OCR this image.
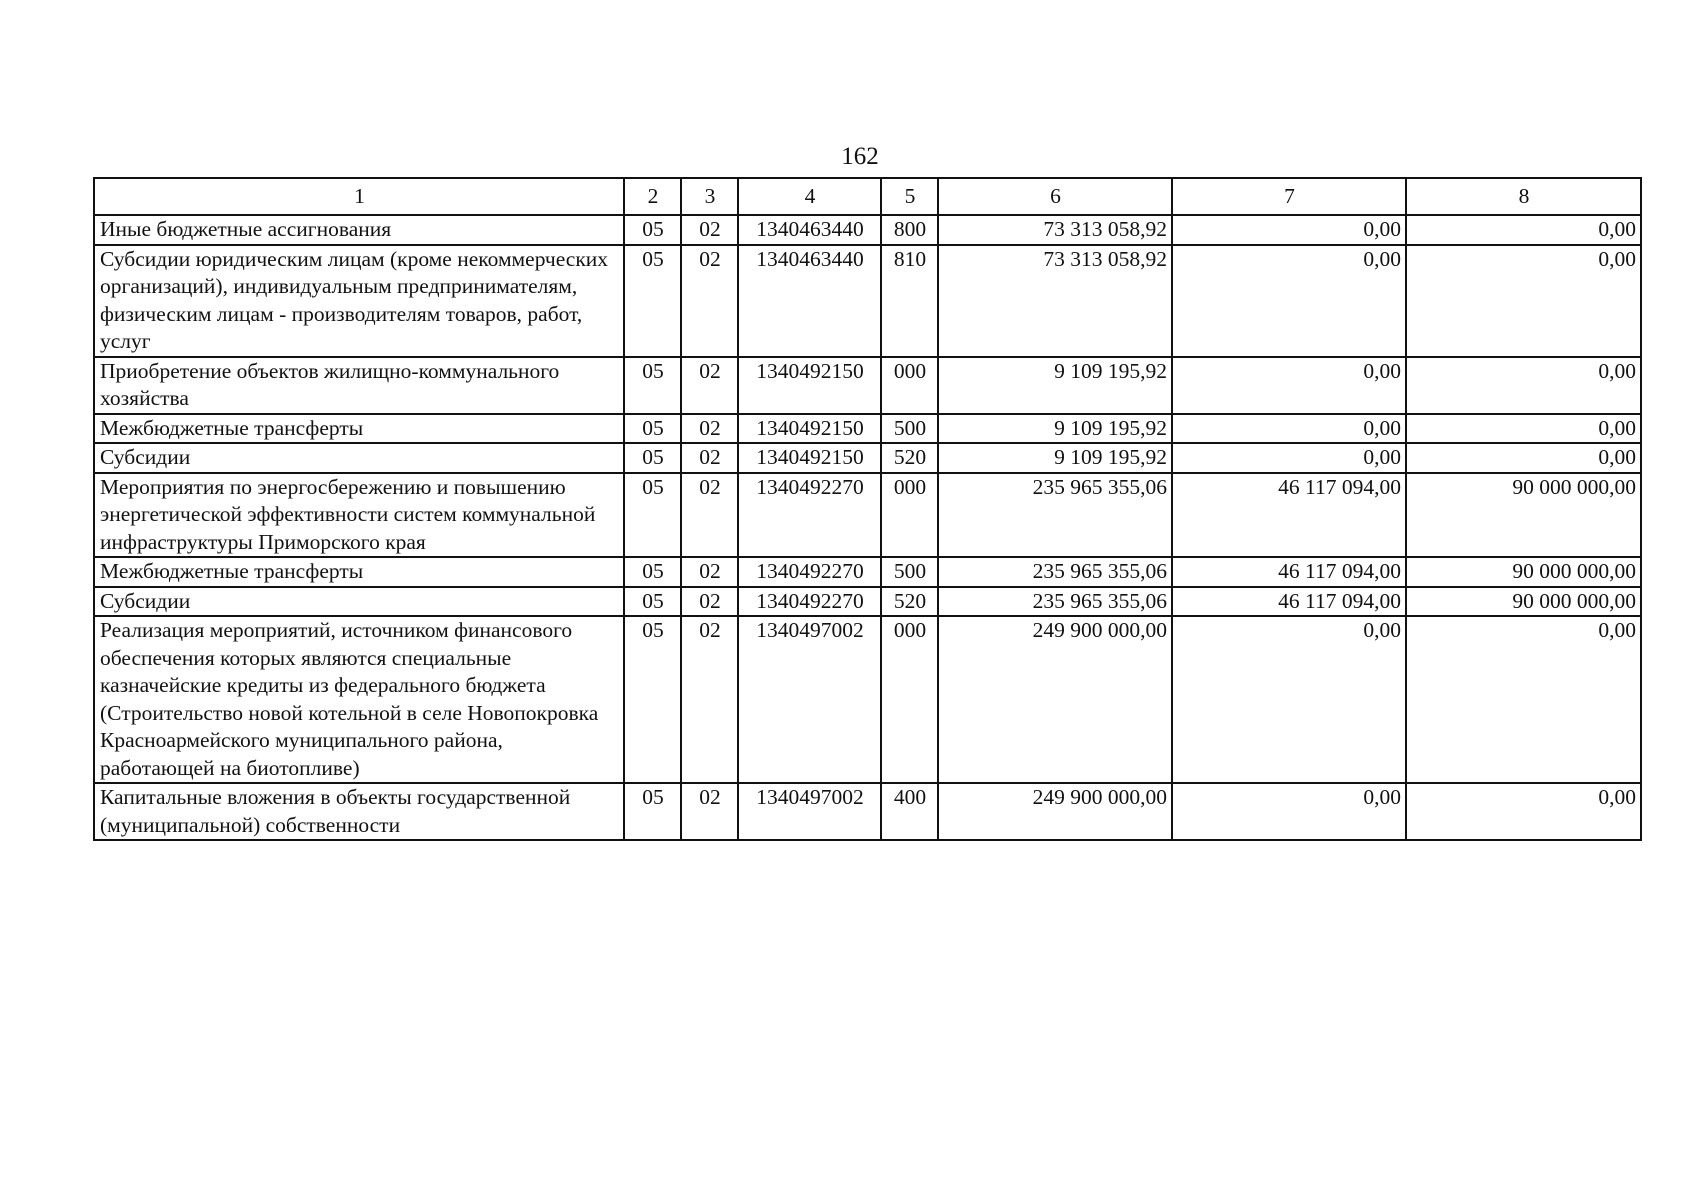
162
1	2	3	4	5	6	7	8
Иные бюджетные ассигнования	05	02	1340463440	800	73 313 058,92	0,00	0,00
Субсидии юридическим лицам (кроме некоммерческих организаций), индивидуальным предпринимателям, физическим лицам - производителям товаров, работ, услуг	05	02	1340463440	810	73 313 058,92	0,00	0,00
Приобретение объектов жилищно-коммунального хозяйства	05	02	1340492150	000	9 109 195,92	0,00	0,00
Межбюджетные трансферты	05	02	1340492150	500	9 109 195,92	0,00	0,00
Субсидии	05	02	1340492150	520	9 109 195,92	0,00	0,00
Мероприятия по энергосбережению и повышению энергетической эффективности систем коммунальной инфраструктуры Приморского края	05	02	1340492270	000	235 965 355,06	46 117 094,00	90 000 000,00
Межбюджетные трансферты	05	02	1340492270	500	235 965 355,06	46 117 094,00	90 000 000,00
Субсидии	05	02	1340492270	520	235 965 355,06	46 117 094,00	90 000 000,00
Реализация мероприятий, источником финансового обеспечения которых являются специальные казначейские кредиты из федерального бюджета (Строительство новой котельной в селе Новопокровка Красноармейского муниципального района, работающей на биотопливе)	05	02	1340497002	000	249 900 000,00	0,00	0,00
Капитальные вложения в объекты государственной (муниципальной) собственности	05	02	1340497002	400	249 900 000,00	0,00	0,00
